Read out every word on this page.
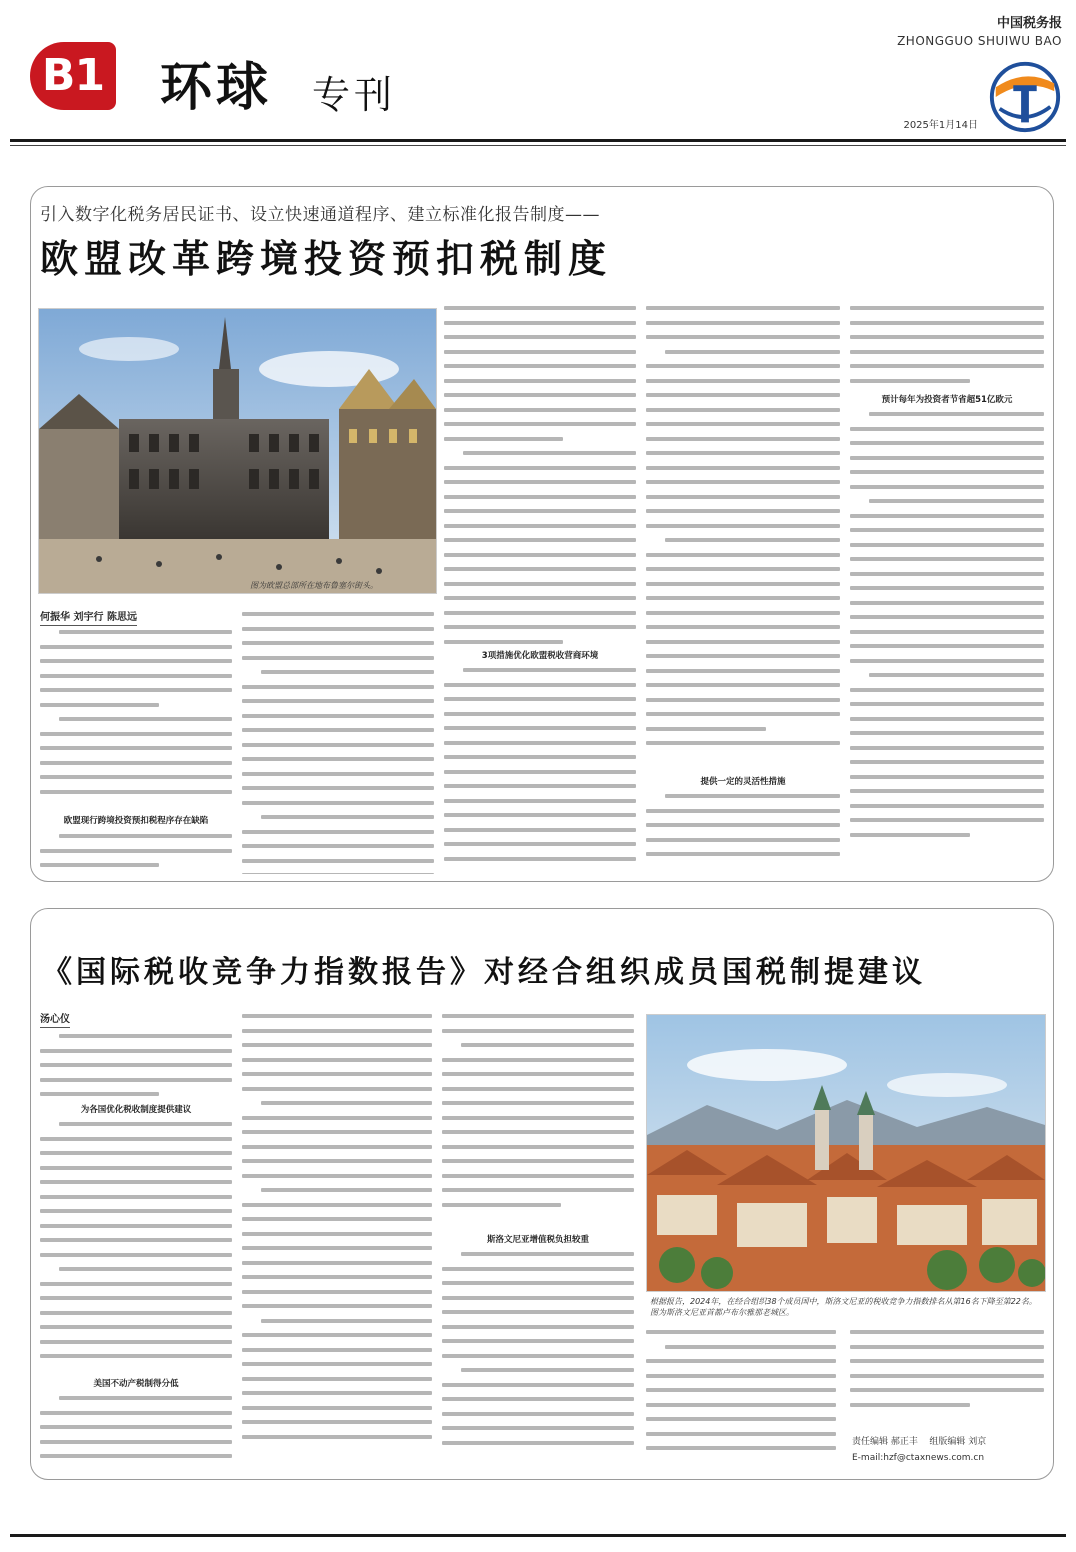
B1 环球 专刊
中国税务报
ZHONGGUO SHUIWU BAO
2025年1月14日
引入数字化税务居民证书、设立快速通道程序、建立标准化报告制度——
欧盟改革跨境投资预扣税制度
图为欧盟总部所在地布鲁塞尔街头。
何振华 刘宇行 陈思远
欧盟现行跨境投资预扣税程序存在缺陷
3项措施优化欧盟税收营商环境
提供一定的灵活性措施
预计每年为投资者节省超51亿欧元
《国际税收竞争力指数报告》对经合组织成员国税制提建议
汤心仪
为各国优化税收制度提供建议
美国不动产税制得分低
斯洛文尼亚增值税负担较重
根据报告，2024年，在经合组织38个成员国中，斯洛文尼亚的税收竞争力指数排名从第16名下降至第22名。图为斯洛文尼亚首都卢布尔雅那老城区。
责任编辑 郝正丰 组版编辑 刘京
E-mail:hzf@ctaxnews.com.cn
